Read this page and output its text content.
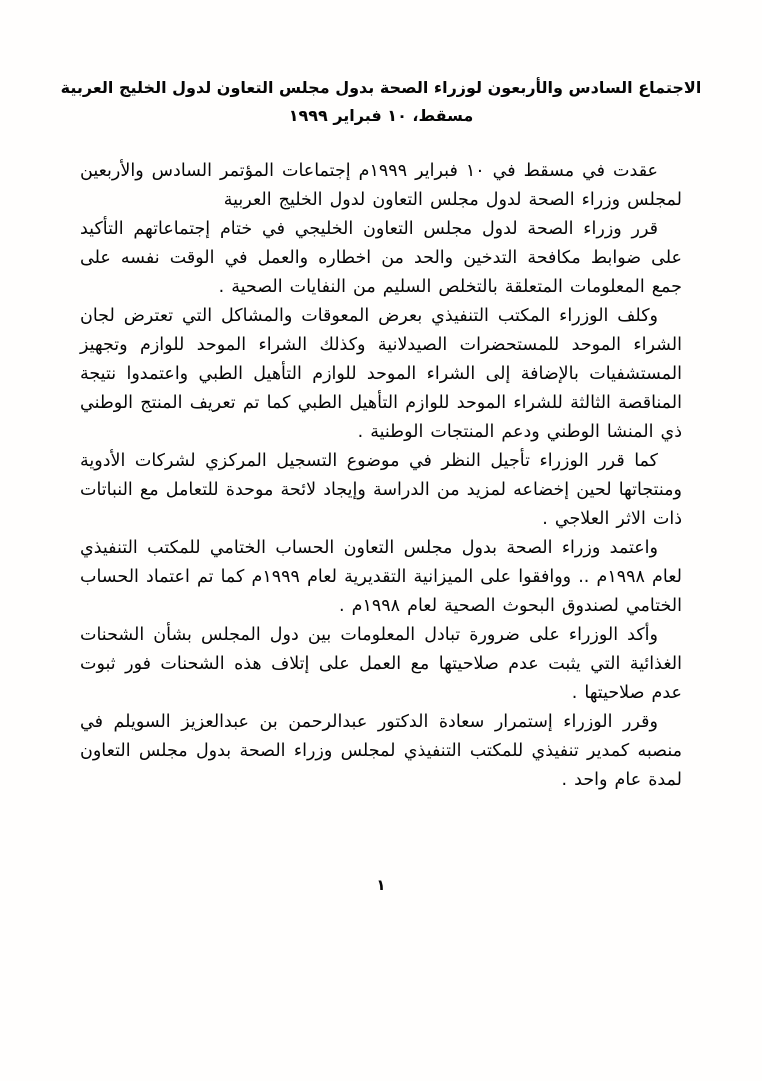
الاجتماع السادس والأربعون لوزراء الصحة بدول مجلس التعاون لدول الخليج العربية
مسقط، ١٠ فبراير ١٩٩٩

عقدت في مسقط في ١٠ فبراير ١٩٩٩م إجتماعات المؤتمر السادس والأربعين لمجلس وزراء الصحة لدول مجلس التعاون لدول الخليج العربية

قرر وزراء الصحة لدول مجلس التعاون الخليجي في ختام إجتماعاتهم التأكيد على ضوابط مكافحة التدخين والحد من اخطاره والعمل في الوقت نفسه على جمع المعلومات المتعلقة بالتخلص السليم من النفايات الصحية .

وكلف الوزراء المكتب التنفيذي بعرض المعوقات والمشاكل التي تعترض لجان الشراء الموحد للمستحضرات الصيدلانية وكذلك الشراء الموحد للوازم وتجهيز المستشفيات بالإضافة إلى الشراء الموحد للوازم التأهيل الطبي واعتمدوا نتيجة المناقصة الثالثة للشراء الموحد للوازم التأهيل الطبي كما تم تعريف المنتج الوطني ذي المنشا الوطني ودعم المنتجات الوطنية .

كما قرر الوزراء تأجيل النظر في موضوع التسجيل المركزي لشركات الأدوية ومنتجاتها لحين إخضاعه لمزيد من الدراسة وإيجاد لائحة موحدة للتعامل مع النباتات ذات الاثر العلاجي .

واعتمد وزراء الصحة بدول مجلس التعاون الحساب الختامي للمكتب التنفيذي لعام ١٩٩٨م .. ووافقوا على الميزانية التقديرية لعام ١٩٩٩م كما تم اعتماد الحساب الختامي لصندوق البحوث الصحية لعام ١٩٩٨م .

وأكد الوزراء على ضرورة تبادل المعلومات بين دول المجلس بشأن الشحنات الغذائية التي يثبت عدم صلاحيتها مع العمل على إتلاف هذه الشحنات فور ثبوت عدم صلاحيتها .

وقرر الوزراء إستمرار سعادة الدكتور عبدالرحمن بن عبدالعزيز السويلم في منصبه كمدير تنفيذي للمكتب التنفيذي لمجلس وزراء الصحة بدول مجلس التعاون لمدة عام واحد .

١
